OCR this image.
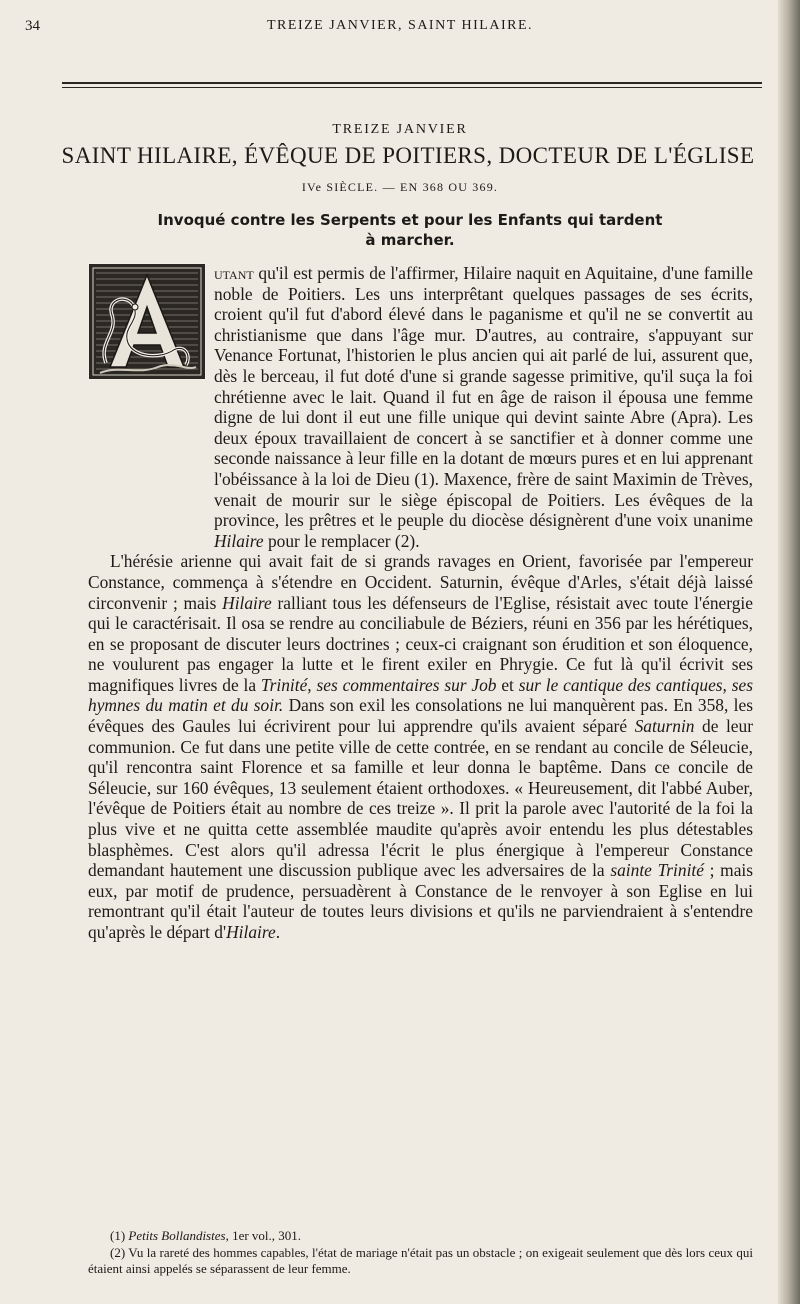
34	TREIZE JANVIER, SAINT HILAIRE.
TREIZE JANVIER
SAINT HILAIRE, ÉVÊQUE DE POITIERS, DOCTEUR DE L'ÉGLISE
IVe SIÈCLE. — EN 368 OU 369.
Invoqué contre les Serpents et pour les Enfants qui tardent
à marcher.

utant qu'il est permis de l'affirmer, Hilaire naquit en Aquitaine, d'une famille noble de Poitiers. Les uns interprêtant quelques passages de ses écrits, croient qu'il fut d'abord élevé dans le paganisme et qu'il ne se convertit au christianisme que dans l'âge mur. D'autres, au contraire, s'appuyant sur Venance Fortunat, l'historien le plus ancien qui ait parlé de lui, assurent que, dès le berceau, il fut doté d'une si grande sagesse primitive, qu'il suça la foi chrétienne avec le lait. Quand il fut en âge de raison il épousa une femme digne de lui dont il eut une fille unique qui devint sainte Abre (Apra). Les deux époux travaillaient de concert à se sanctifier et à donner comme une seconde naissance à leur fille en la dotant de mœurs pures et en lui apprenant l'obéissance à la loi de Dieu (1). Maxence, frère de saint Maximin de Trèves, venait de mourir sur le siège épiscopal de Poitiers. Les évêques de la province, les prêtres et le peuple du diocèse désignèrent d'une voix unanime Hilaire pour le remplacer (2).

L'hérésie arienne qui avait fait de si grands ravages en Orient, favorisée par l'empereur Constance, commença à s'étendre en Occident. Saturnin, évêque d'Arles, s'était déjà laissé circonvenir ; mais Hilaire ralliant tous les défenseurs de l'Eglise, résistait avec toute l'énergie qui le caractérisait. Il osa se rendre au conciliabule de Béziers, réuni en 356 par les hérétiques, en se proposant de discuter leurs doctrines ; ceux-ci craignant son érudition et son éloquence, ne voulurent pas engager la lutte et le firent exiler en Phrygie. Ce fut là qu'il écrivit ses magnifiques livres de la Trinité, ses commentaires sur Job et sur le cantique des cantiques, ses hymnes du matin et du soir. Dans son exil les consolations ne lui manquèrent pas. En 358, les évêques des Gaules lui écrivirent pour lui apprendre qu'ils avaient séparé Saturnin de leur communion. Ce fut dans une petite ville de cette contrée, en se rendant au concile de Séleucie, qu'il rencontra saint Florence et sa famille et leur donna le baptême. Dans ce concile de Séleucie, sur 160 évêques, 13 seulement étaient orthodoxes. « Heureusement, dit l'abbé Auber, l'évêque de Poitiers était au nombre de ces treize ». Il prit la parole avec l'autorité de la foi la plus vive et ne quitta cette assemblée maudite qu'après avoir entendu les plus détestables blasphèmes. C'est alors qu'il adressa l'écrit le plus énergique à l'empereur Constance demandant hautement une discussion publique avec les adversaires de la sainte Trinité ; mais eux, par motif de prudence, persuadèrent à Constance de le renvoyer à son Eglise en lui remontrant qu'il était l'auteur de toutes leurs divisions et qu'ils ne parviendraient à s'entendre qu'après le départ d'Hilaire.

(1) Petits Bollandistes, 1er vol., 301.

(2) Vu la rareté des hommes capables, l'état de mariage n'était pas un obstacle ; on exigeait seulement que dès lors ceux qui étaient ainsi appelés se séparassent de leur femme.
